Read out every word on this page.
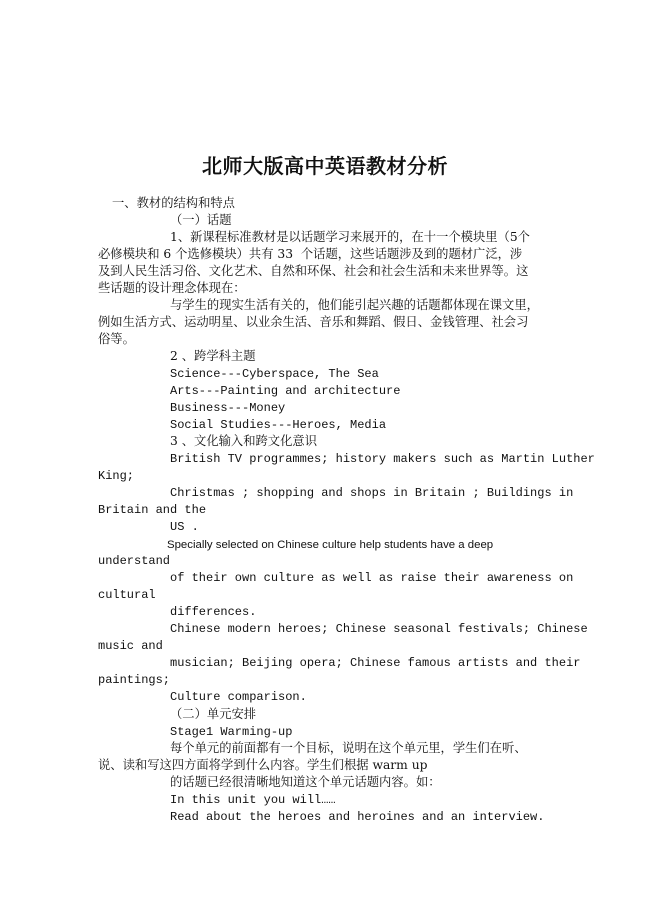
北师大版高中英语教材分析
一、教材的结构和特点
（一）话题
1、新课程标准教材是以话题学习来展开的，在十一个模块里（5个
必修模块和 6 个选修模块）共有 33  个话题，这些话题涉及到的题材广泛，涉
及到人民生活习俗、文化艺术、自然和环保、社会和社会生活和未来世界等。这
些话题的设计理念体现在：
与学生的现实生活有关的，他们能引起兴趣的话题都体现在课文里，
例如生活方式、运动明星、以业余生活、音乐和舞蹈、假日、金钱管理、社会习
俗等。
2 、跨学科主题
Science---Cyberspace, The Sea
Arts---Painting and architecture
Business---Money
Social Studies---Heroes, Media
3 、文化输入和跨文化意识
British TV programmes; history makers such as Martin Luther
King;
Christmas ; shopping and shops in Britain ; Buildings in
Britain and the
US .
Specially selected on Chinese culture help students have a deep
understand
of their own culture as well as raise their awareness on
cultural
differences.
Chinese modern heroes; Chinese seasonal festivals; Chinese
music and
musician; Beijing opera; Chinese famous artists and their
paintings;
Culture comparison.
（二）单元安排
Stage1 Warming-up
每个单元的前面都有一个目标，说明在这个单元里，学生们在听、
说、读和写这四方面将学到什么内容。学生们根据 warm up
的话题已经很清晰地知道这个单元话题内容。如：
In this unit you will……
Read about the heroes and heroines and an interview.
